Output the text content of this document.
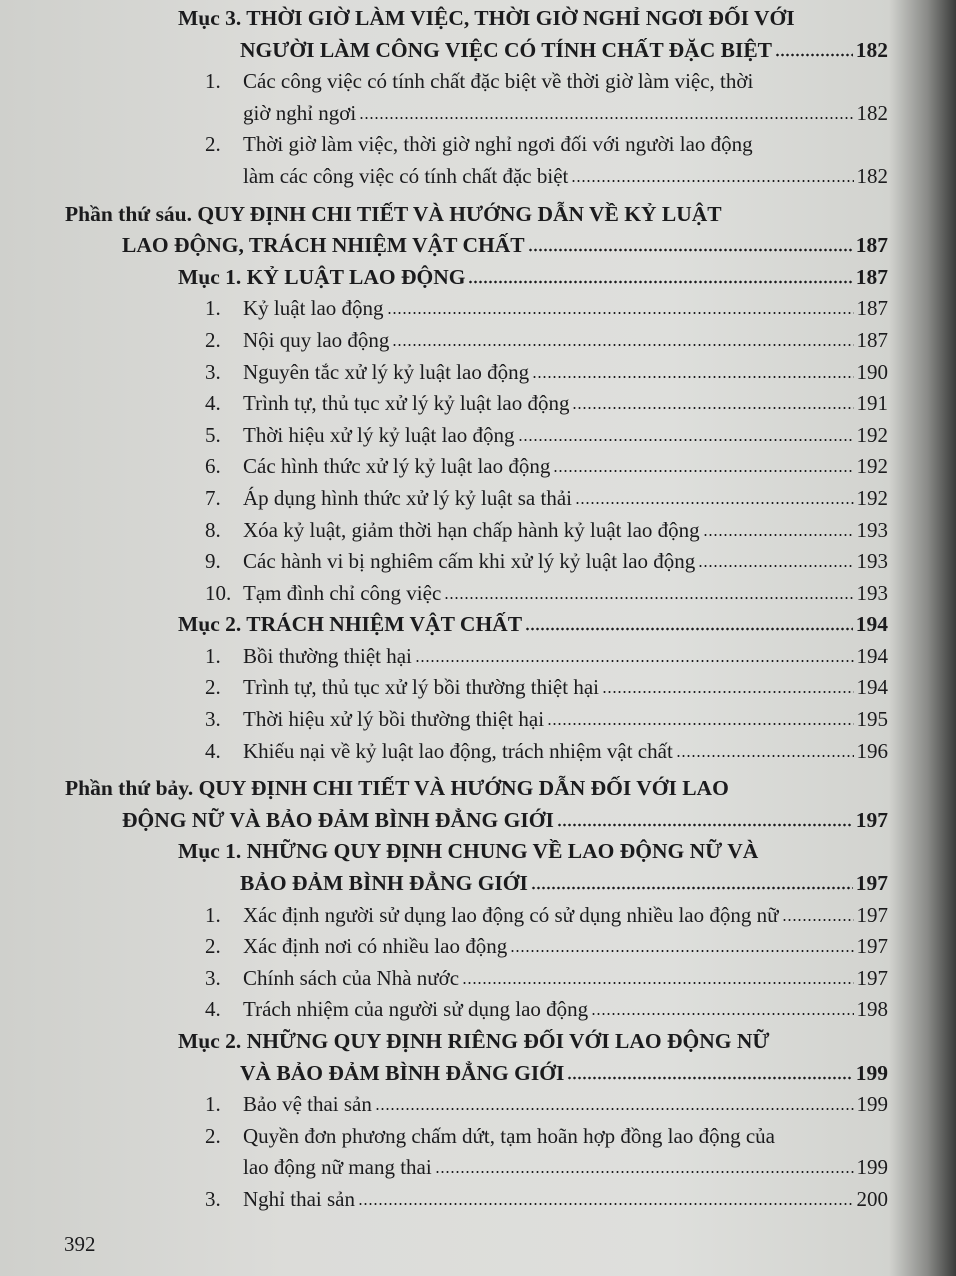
Mục 3. THỜI GIỜ LÀM VIỆC, THỜI GIỜ NGHỈ NGƠI ĐỐI VỚI
NGƯỜI LÀM CÔNG VIỆC CÓ TÍNH CHẤT ĐẶC BIỆT	182
1.	Các công việc có tính chất đặc biệt về thời giờ làm việc, thời
giờ nghỉ ngơi	182
2.	Thời giờ làm việc, thời giờ nghỉ ngơi đối với người lao động
làm các công việc có tính chất đặc biệt	182
Phần thứ sáu. QUY ĐỊNH CHI TIẾT VÀ HƯỚNG DẪN VỀ KỶ LUẬT
LAO ĐỘNG, TRÁCH NHIỆM VẬT CHẤT	187
Mục 1. KỶ LUẬT LAO ĐỘNG	187
1.	Kỷ luật lao động	187
2.	Nội quy lao động	187
3.	Nguyên tắc xử lý kỷ luật lao động	190
4.	Trình tự, thủ tục xử lý kỷ luật lao động	191
5.	Thời hiệu xử lý kỷ luật lao động	192
6.	Các hình thức xử lý kỷ luật lao động	192
7.	Áp dụng hình thức xử lý kỷ luật sa thải	192
8.	Xóa kỷ luật, giảm thời hạn chấp hành kỷ luật lao động	193
9.	Các hành vi bị nghiêm cấm khi xử lý kỷ luật lao động	193
10. Tạm đình chỉ công việc	193
Mục 2. TRÁCH NHIỆM VẬT CHẤT	194
1.	Bồi thường thiệt hại	194
2.	Trình tự, thủ tục xử lý bồi thường thiệt hại	194
3.	Thời hiệu xử lý bồi thường thiệt hại	195
4.	Khiếu nại về kỷ luật lao động, trách nhiệm vật chất	196
Phần thứ bảy. QUY ĐỊNH CHI TIẾT VÀ HƯỚNG DẪN ĐỐI VỚI LAO
ĐỘNG NỮ VÀ BẢO ĐẢM BÌNH ĐẲNG GIỚI	197
Mục 1. NHỮNG QUY ĐỊNH CHUNG VỀ LAO ĐỘNG NỮ VÀ
BẢO ĐẢM BÌNH ĐẲNG GIỚI	197
1.	Xác định người sử dụng lao động có sử dụng nhiều lao động nữ	197
2.	Xác định nơi có nhiều lao động	197
3.	Chính sách của Nhà nước	197
4.	Trách nhiệm của người sử dụng lao động	198
Mục 2. NHỮNG QUY ĐỊNH RIÊNG ĐỐI VỚI LAO ĐỘNG NỮ
VÀ BẢO ĐẢM BÌNH ĐẲNG GIỚI	199
1.	Bảo vệ thai sản	199
2.	Quyền đơn phương chấm dứt, tạm hoãn hợp đồng lao động của
lao động nữ mang thai	199
3.	Nghỉ thai sản	200
392
